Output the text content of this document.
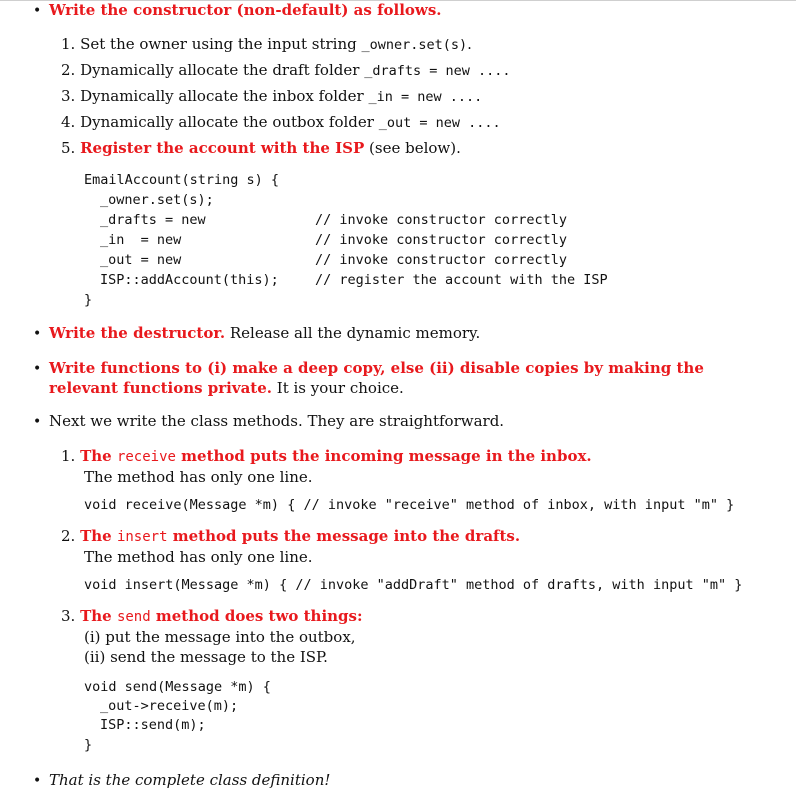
• Write the constructor (non-default) as follows.
1. Set the owner using the input string _owner.set(s).
2. Dynamically allocate the draft folder _drafts = new ....
3. Dynamically allocate the inbox folder _in = new ....
4. Dynamically allocate the outbox folder _out = new ....
5. Register the account with the ISP (see below).
EmailAccount(string s) {
_owner.set(s);
_drafts = new	// invoke constructor correctly
_in  = new	// invoke constructor correctly
_out = new	// invoke constructor correctly
ISP::addAccount(this);	// register the account with the ISP
}
• Write the destructor. Release all the dynamic memory.
• Write functions to (i) make a deep copy, else (ii) disable copies by making the
relevant functions private. It is your choice.
• Next we write the class methods. They are straightforward.
1. The receive method puts the incoming message in the inbox.
The method has only one line.
void receive(Message *m) { // invoke "receive" method of inbox, with input "m" }
2. The insert method puts the message into the drafts.
The method has only one line.
void insert(Message *m) { // invoke "addDraft" method of drafts, with input "m" }
3. The send method does two things:
(i) put the message into the outbox,
(ii) send the message to the ISP.
void send(Message *m) {
_out->receive(m);
ISP::send(m);
}
• That is the complete class definition!
